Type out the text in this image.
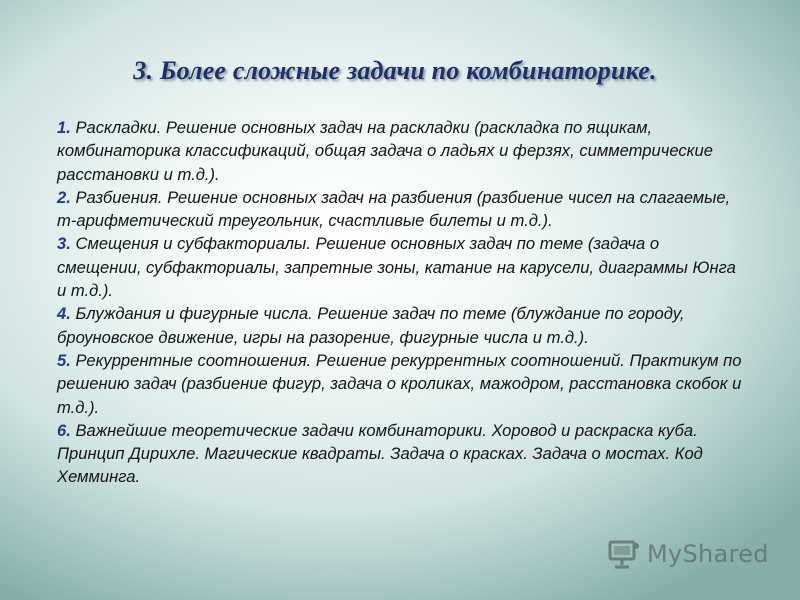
3. Более сложные задачи по комбинаторике.

1. Раскладки. Решение основных задач на раскладки (раскладка по ящикам, комбинаторика классификаций, общая задача о ладьях и ферзях, симметрические расстановки и т.д.).

2. Разбиения. Решение основных задач на разбиения (разбиение чисел на слагаемые, m-арифметический треугольник, счастливые билеты и т.д.).

3. Смещения и субфакториалы. Решение основных задач по теме (задача о смещении, субфакториалы, запретные зоны, катание на карусели, диаграммы Юнга и т.д.).

4. Блуждания и фигурные числа. Решение задач по теме (блуждание по городу, броуновское движение, игры на разорение, фигурные числа и т.д.).

5. Рекуррентные соотношения. Решение рекуррентных соотношений. Практикум по решению задач (разбиение фигур, задача о кроликах, мажодром, расстановка скобок и т.д.).

6. Важнейшие теоретические задачи комбинаторики. Хоровод и раскраска куба. Принцип Дирихле. Магические квадраты. Задача о красках. Задача о мостах. Код Хемминга.

MyShared
